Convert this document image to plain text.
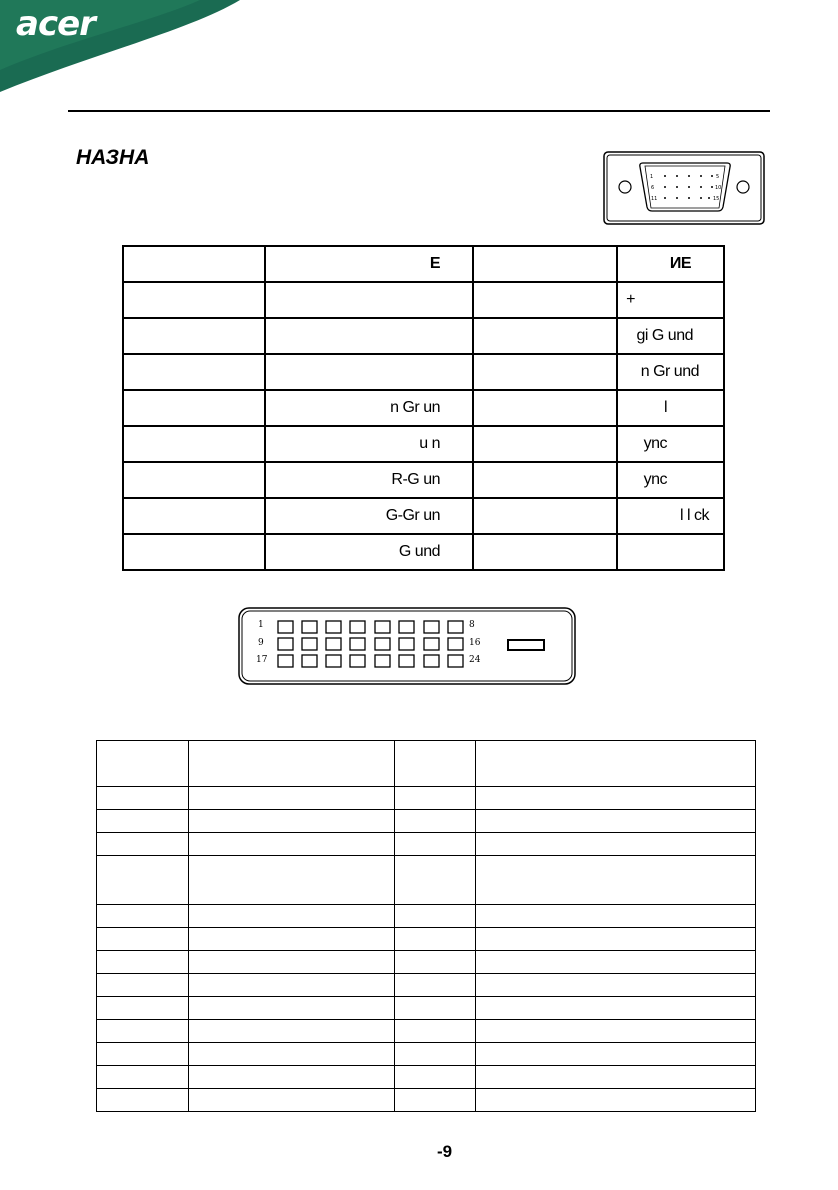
acer
НАЗНА
1	5
6	10
11	15
	Е		ИЕ
			+
			gi G und
			n Gr und
	n Gr un		l
	u n		ync
	R-G un		ync
	G-Gr un		l l ck
	G und		
1
9
17
8
16
24

-9
